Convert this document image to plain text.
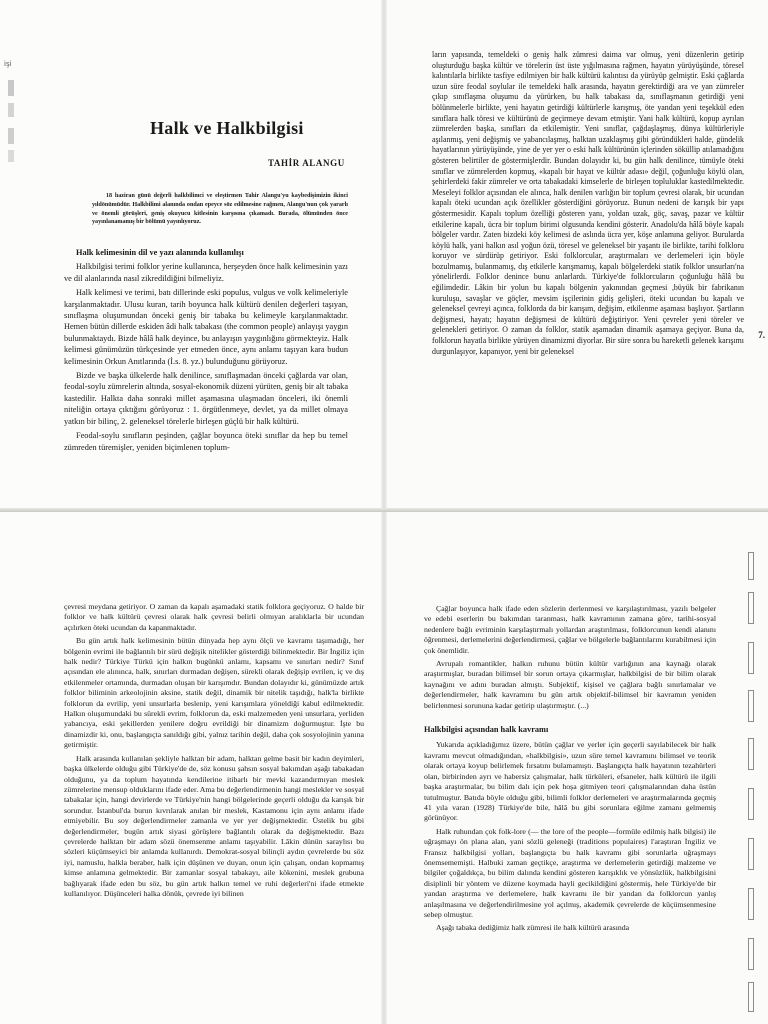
işi
Halk ve Halkbilgisi
TAHİR ALANGU

18 haziran günü değerli halkbilimci ve eleştirmen Tahir Alangu'yu kaybedişimizin ikinci yıldönümüdür. Halkbilimi alanında ondan epeyce söz edilmesine rağmen, Alangu'nun çok yararlı ve önemli görüşleri, geniş okuyucu kitlesinin karşısına çıkamadı. Burada, ölümünden önce yayınlanamamış bir bölümü yayınlıyoruz.

Halk kelimesinin dil ve yazı alanında kullanılışı

Halkbilgisi terimi folklor yerine kullanınca, herşeyden önce halk kelimesinin yazı ve dil alanlarında nasıl zikredildiğini bilmeliyiz.

Halk kelimesi ve terimi, batı dillerinde eski populus, vulgus ve volk kelimeleriyle karşılanmaktadır. Ulusu kuran, tarih boyunca halk kültürü denilen değerleri taşıyan, sınıflaşma oluşumundan önceki geniş bir tabaka bu kelimeyle karşılanmaktadır. Hemen bütün dillerde eskiden âdi halk tabakası (the common people) anlayışı yaygın bulunmaktaydı. Bizde hâlâ halk deyince, bu anlayışın yaygınlığını görmekteyiz. Halk kelimesi günümüzün türkçesinde yer etmeden önce, aynı anlamı taşıyan kara budun kelimesinin Orkun Anıtlarında (İ.s. 8. yz.) bulunduğunu görüyoruz.

Bizde ve başka ülkelerde halk denilince, sınıflaşmadan önceki çağlarda var olan, feodal-soylu zümrelerin altında, sosyal-ekonomik düzeni yürüten, geniş bir alt tabaka kastedilir. Halkta daha sonraki millet aşamasına ulaşmadan önceleri, iki önemli niteliğin ortaya çıktığını görüyoruz : 1. örgütlenmeye, devlet, ya da millet olmaya yatkın bir bilinç, 2. geleneksel törelerle birleşen güçlü bir halk kültürü.

Feodal-soylu sınıfların peşinden, çağlar boyunca öteki sınıflar da hep bu temel zümreden türemişler, yeniden biçimlenen toplum-

ların yapısında, temeldeki o geniş halk zümresi daima var olmuş, yeni düzenlerin getirip oluşturduğu başka kültür ve törelerin üst üste yığılmasına rağmen, hayatın yürüyüşünde, töresel kalıntılarla birlikte tasfiye edilmiyen bir halk kültürü kalıntısı da yürüyüp gelmiştir. Eski çağlarda uzun süre feodal soylular ile temeldeki halk arasında, hayatın gerektirdiği ara ve yan zümreler çıkıp sınıflaşma oluşumu da yürürken, bu halk tabakası da, sınıflaşmanın getirdiği yeni bölünmelerle birlikte, yeni hayatın getirdiği kültürlerle karışmış, öte yandan yeni teşekkül eden sınıflara halk töresi ve kültürünü de geçirmeye devam etmiştir. Yani halk kültürü, kopup ayrılan zümrelerden başka, sınıfları da etkilemiştir. Yeni sınıflar, çağdaşlaşmış, dünya kültürleriyle aşılanmış, yeni değişmiş ve yabancılaşmış, halktan uzaklaşmış gibi göründükleri halde, gündelik hayatlarının yürüyüşünde, yine de yer yer o eski halk kültürünün içlerinden söküllip atılamadığını gösteren belirtiler de göstermişlerdir. Bundan dolayıdır ki, bu gün halk denilince, tümüyle öteki sınıflar ve zümrelerden kopmuş, «kapalı bir hayat ve kültür adası» değil, çoğunluğu köylü olan, şehirlerdeki fakir zümreler ve orta tabakadaki kimselerle de birleşen topluluklar kastedilmektedir. Meseleyi folklor açısından ele alınca, halk denilen varlığın bir toplum çevresi olarak, bir ucundan kapalı öteki ucundan açık özellikler gösterdiğini görüyoruz. Bunun nedeni de karışık bir yapı göstermesidir. Kapalı toplum özelliği gösteren yanı, yoldan uzak, göç, savaş, pazar ve kültür etkilerine kapalı, ücra bir toplum birimi olgusunda kendini gösterir. Anadolu'da hâlâ böyle kapalı bölgeler vardır. Zaten bizdeki köy kelimesi de aslında ücra yer, köşe anlamına geliyor. Burularda köylü halk, yani halkın asıl yoğun özü, töresel ve geleneksel bir yaşantı ile birlikte, tarihi folkloru koruyor ve sürdürüp getiriyor. Eski folklorcular, araştırmaları ve derlemeleri için böyle bozulmamış, bulanmamış, dış etkilerle karışmamış, kapalı bölgelerdeki statik folklor unsurları'na yönelirlerdi. Folklor denince bunu anlarlardı. Türkiye'de folklorcuların çoğunluğu hâlâ bu eğilimdedir. Lâkin bir yolun bu kapalı bölgenin yakınından geçmesi ,büyük bir fabrikanın kuruluşu, savaşlar ve göçler, mevsim işçilerinin gidiş gelişleri, öteki ucundan bu kapalı ve geleneksel çevreyi açınca, folklorda da bir karışım, değişim, etkilenme aşaması başlıyor. Şartların değişmesi, hayatı; hayatın değişmesi de kültürü değiştiriyor. Yeni çevreler yeni töreler ve gelenekleri getiriyor. O zaman da folklor, statik aşamadan dinamik aşamaya geçiyor. Buna da, folklorun hayatla birlikte yürüyen dinamizmi diyorlar. Bir süre sonra bu hareketli gelenek karışımı durgunlaşıyor, kapanıyor, yeni bir geleneksel

7.

çevresi meydana getiriyor. O zaman da kapalı aşamadaki statik folklora geçiyoruz. O halde bir folklor ve halk kültürü çevresi olarak halk çevresi belirli olmıyan aralıklarla bir ucundan açılırken öteki ucundan da kapanmaktadır.

Bu gün artık halk kelimesinin bütün dünyada hep aynı ölçü ve kavramı taşımadığı, her bölgenin evrimi ile bağlantılı bir sürü değişik nitelikler gösterdiği bilinmektedir. Bir İngiliz için halk nedir? Türkiye Türkü için halkın bugünkü anlamı, kapsamı ve sınırları nedir? Sınıf açısından ele alınınca, halk, sınırları durmadan değişen, sürekli olarak değişip evrilen, iç ve dış etkilenmeler ortamında, durmadan oluşan bir karışımdır. Bundan dolayıdır ki, günümüzde artık folklor biliminin arkeolojinin aksine, statik değil, dinamik bir nitelik taşıdığı, halk'la birlikte folklorun da evrilip, yeni unsurlarla beslenip, yeni karışımlara yöneldiği kabul edilmektedir. Halkın oluşumundaki bu sürekli evrim, folklorun da, eski malzemeden yeni unsurlara, yerliden yabancıya, eski şekillerden yenilere doğru evrildiği bir dinamizm doğurmuştur. İşte bu dinamizdir ki, onu, başlangıçta sanıldığı gibi, yalnız tarihin değil, daha çok sosyolojinin yanına getirmiştir.

Halk arasında kullanılan şekliyle halktan bir adam, halktan gelme basit bir kadın deyimleri, başka ülkelerde olduğu gibi Türkiye'de de, söz konusu şahsın sosyal bakımdan aşağı tabakadan olduğunu, ya da toplum hayatında kendilerine itibarlı bir mevki kazandırmıyan meslek zümrelerine mensup olduklarını ifade eder. Ama bu değerlendirmenin hangi meslekler ve sosyal tabakalar için, hangi devirlerde ve Türkiye'nin hangi bölgelerinde geçerli olduğu da karışık bir sorundur. İstanbul'da burun kıvrılarak anılan bir meslek, Kastamonu için aynı anlamı ifade etmiyebilir. Bu soy değerlendirmeler zamanla ve yer yer değişmektedir. Üstelik bu gibi değerlendirmeler, bugün artık siyasi görüşlere bağlantılı olarak da değişmektedir. Bazı çevrelerde halktan bir adam sözü önemsenme anlamı taşıyabilir. Lâkin dünün saraylısı bu sözleri küçümseyici bir anlamda kullanırdı. Demokrat-sosyal bilinçli aydın çevrelerde bu söz iyi, namuslu, halkla beraber, halk için düşünen ve duyan, onun için çalışan, ondan kopmamış kimse anlamına gelmektedir. Bir zamanlar sosyal tabakayı, aile kökenini, meslek grubuna bağlıyarak ifade eden bu söz, bu gün artık halkın temel ve ruhi değerleri'ni ifade etmekte kullanılıyor. Düşünceleri halka dönük, çevrede iyi bilinen

Çağlar boyunca halk ifade eden sözlerin derlenmesi ve karşılaştırılması, yazılı belgeler ve edebi eserlerin bu bakımdan taranması, halk kavramının zamana göre, tarihi-sosyal nedenlere bağlı evriminin karşılaştırmalı yollardan araştırılması, folklorcunun kendi alanını öğrenmesi, derlemelerini değerlendirmesi, çağlar ve bölgelerle bağlantılarını kurabilmesi için çok önemlidir.

Avrupalı romantikler, halkın ruhunu bütün kültür varlığının ana kaynağı olarak araştırmışlar, buradan bilimsel bir sorun ortaya çıkarmışlar, halkbilgisi de bir bilim olarak kaynağını ve adını buradan almıştı. Subjektif, kişisel ve çağlara bağlı sınırlamalar ve değerlendirmeler, halk kavramını bu gün artık objektif-bilimsel bir kavramın yeniden belirlenmesi sorununa kadar getirip ulaştırmıştır. (...)

Halkbilgisi açısından halk kavramı

Yukarıda açıkladığımız üzere, bütün çağlar ve yerler için geçerli sayılabilecek bir halk kavramı mevcut olmadığından, «halkbilgisi», uzun süre temel kavramını bilimsel ve teorik olarak ortaya koyup belirlemek fırsatını bulamamıştı. Başlangıçta halk hayatının tezahürleri olan, birbirinden ayrı ve habersiz çalışmalar, halk türküleri, efsaneler, halk kültürü ile ilgili başka araştırmalar, bu bilim dalı için pek hoşa gitmiyen teori çalışmalarından daha üstün tutulmuştur. Batıda böyle olduğu gibi, bilimli folklor derlemeleri ve araştırmalarında geçmiş 41 yıla varan (1928) Türkiye'de bile, hâlâ bu gibi sorunlara eğilme zamanı gelmemiş görünüyor.

Halk ruhundan çok folk-lore (— the lore of the people—formüle edilmiş halk bilgisi) ile uğraşmayı ön plana alan, yani sözlü geleneği (traditions populaires) l'araştıran İngiliz ve Fransız halkbilgisi yolları, başlangıçta bu halk kavramı gibi sorunlarla uğraşmayı önemsememişti. Halbuki zaman geçtikçe, araştırma ve derlemelerin getirdiği malzeme ve bilgiler çoğaldıkça, bu bilim dalında kendini gösteren karışıklık ve yönsüzlük, halkbilgisini disiplinli bir yöntem ve düzene koymada hayli gecikildiğini göstermiş, hele Türkiye'de bir yandan araştırma ve derlemelere, halk kavramı ile bir yandan da folklorcun yanlış anlaşılmasına ve değerlendirilmesine yol açılmış, akademik çevrelerde de küçümsenmesine sebep olmuştur.

Aşağı tabaka dediğimiz halk zümresi ile halk kültürü arasında
